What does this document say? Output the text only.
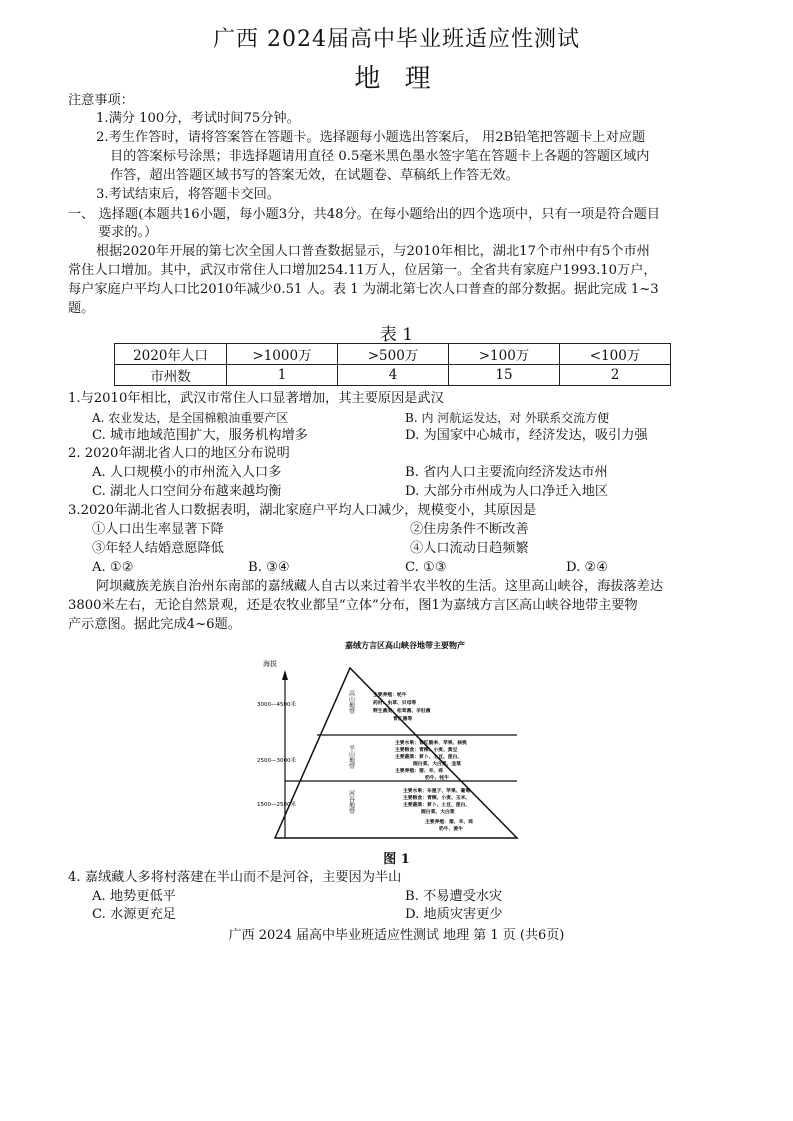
广西 2024届高中毕业班适应性测试
地 理
注意事项：
1.满分 100分，考试时间75分钟。
2.考生作答时，请将答案答在答题卡。选择题每小题选出答案后， 用2B铅笔把答题卡上对应题
目的答案标号涂黑；非选择题请用直径 0.5毫米黑色墨水签字笔在答题卡上各题的答题区域内
作答，超出答题区域书写的答案无效，在试题卷、草稿纸上作答无效。
3.考试结束后，将答题卡交回。
一、 选择题(本题共16小题，每小题3分，共48分。在每小题给出的四个选项中，只有一项是符合题目
要求的。）
根据2020年开展的第七次全国人口普查数据显示，与2010年相比，湖北17个市州中有5个市州
常住人口增加。其中，武汉市常住人口增加254.11万人，位居第一。全省共有家庭户1993.10万户，
每户家庭户平均人口比2010年减少0.51 人。表 1 为湖北第七次人口普查的部分数据。据此完成 1~3
题。
表 1
2020年人口	>1000万	>500万	>100万	<100万
市州数	1	4	15	2
1.与2010年相比，武汉市常住人口显著增加，其主要原因是武汉
A. 农业发达，是全国棉粮油重要产区	B. 内 河航运发达，对 外联系交流方便
C. 城市地域范围扩大，服务机构增多	D. 为国家中心城市，经济发达，吸引力强
2. 2020年湖北省人口的地区分布说明
A. 人口规模小的市州流入人口多	B. 省内人口主要流向经济发达市州
C. 湖北人口空间分布越来越均衡	D. 大部分市州成为人口净迁入地区
3.2020年湖北省人口数据表明，湖北家庭户平均人口减少，规模变小，其原因是
①人口出生率显著下降	②住房条件不断改善
③年轻人结婚意愿降低	④人口流动日趋频繁
A. ①②	B. ③④	C. ①③	D. ②④
阿坝藏族羌族自治州东南部的嘉绒藏人自古以来过着半农半牧的生活。这里高山峡谷，海拔落差达
3800米左右，无论自然景观，还是农牧业都呈“立体”分布，图1为嘉绒方言区高山峡谷地带主要物
产示意图。据此完成4~6题。
嘉绒方言区高山峡谷地带主要物产
海拔
3000—4500米
2500—3000米
1500—2500米
高山地带
半山地带
河谷地带
主要养殖：牦牛
药材：虫草、贝母等
野生菌类：松茸菌、羊肚菌
青杠菌等
主要水果：青红脆李、苹果、核桃
主要粮食：青稞、小麦、黄豆
主要蔬菜：萝卜、土豆、莲白、
圆白菜、大白菜、韭菜
主要养殖：猪、羊、鸡
奶牛、牦牛
主要水果：车厘子、苹果、葡萄
主要粮食：青稞、小麦、玉米、
主要蔬菜：萝卜、土豆、莲白、
圆白菜、大白菜
主要养殖：猪、羊、鸡
奶牛、黄牛
图 1
4. 嘉绒藏人多将村落建在半山而不是河谷，主要因为半山
A. 地势更低平	B. 不易遭受水灾
C. 水源更充足	D. 地质灾害更少
广西 2024 届高中毕业班适应性测试 地理 第 1 页 (共6页)
